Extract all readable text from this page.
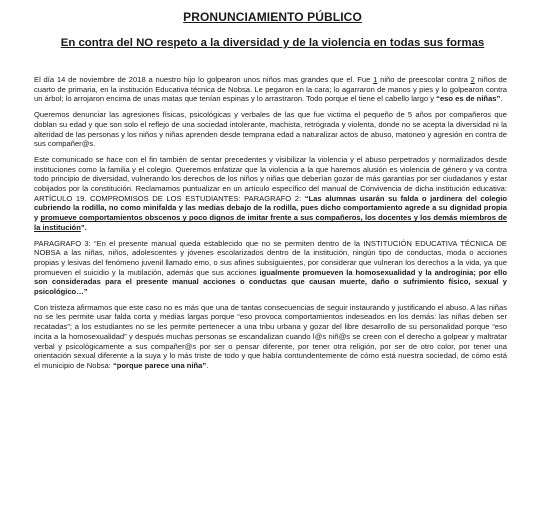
PRONUNCIAMIENTO PÚBLICO
En contra del NO respeto a la diversidad y de la violencia en todas sus formas

El día 14 de noviembre de 2018 a nuestro hijo lo golpearon unos niños mas grandes que el. Fue 1 niño de preescolar contra 2 niños de cuarto de primaria, en la institución Educativa técnica de Nobsa. Le pegaron en la cara; lo agarraron de manos y pies y lo golpearon contra un árbol; lo arrojaron encima de unas matas que tenían espinas y lo arrastraron. Todo porque el tiene el cabello largo y “eso es de niñas”.

Queremos denunciar las agresiones físicas, psicológicas y verbales de las que fue victima el pequeño de 5 años por compañeros que doblan su edad y que son solo el reflejo de una sociedad intolerante, machista, retrógrada y violenta, donde no se acepta la diversidad ni la alteridad de las personas y los niños y niñas aprenden desde temprana edad a naturalizar actos de abuso, matoneo y agresión en contra de sus compañer@s.

Este comunicado se hace con el fin también de sentar precedentes y visibilizar la violencia y el abuso perpetrados y normalizados desde instituciones como la familia y el colegio. Queremos enfatizar que la violencia a la que haremos alusión es violencia de género y va contra todo principio de diversidad, vulnerando los derechos de los niños y niñas que deberían gozar de más garantías por ser ciudadanos y estar cobijados por la constitución. Reclamamos puntualizar en un artículo específico del manual de Convivencia de dicha institución educativa: ARTÍCULO 19. COMPROMISOS DE LOS ESTUDIANTES: PARAGRAFO 2: “Las alumnas usarán su falda o jardinera del colegio cubriendo la rodilla, no como minifalda y las medias debajo de la rodilla, pues dicho comportamiento agrede a su dignidad propia y promueve comportamientos obscenos y poco dignos de imitar frente a sus compañeros, los docentes y los demás miembros de la institución”.

PARAGRAFO 3: “En el presente manual queda establecido que no se permiten dentro de la INSTITUCIÓN EDUCATIVA TÉCNICA DE NOBSA a las niñas, niños, adolescentes y jóvenes escolarizados dentro de la institución, ningún tipo de conductas, moda o acciones propias y lesivas del fenómeno juvenil llamado emo, o sus afines subsiguientes, por considerar que vulneran los derechos a la vida, ya que promueven el suicidio y la mutilación, además que sus acciones igualmente promueven la homosexualidad y la androginia; por ello son consideradas para el presente manual acciones o conductas que causan muerte, daño o sufrimiento físico, sexual y psicológico…”

Con tristeza afirmamos que este caso no es más que una de tantas consecuencias de seguir instaurando y justificando el abuso. A las niñas no se les permite usar falda corta y medias largas porque “eso provoca comportamientos indeseados en los demás: las niñas deben ser recatadas”; a los estudiantes no se les permite pertenecer a una tribu urbana y gozar del libre desarrollo de su personalidad porque “eso incita a la homosexualidad” y después muchas personas se escandalizan cuando l@s niñ@s se creen con el derecho a golpear y maltratar verbal y psicológicamente a sus compañer@s por ser o pensar diferente, por tener otra religión, por ser de otro color, por tener una orientación sexual diferente a la suya y lo más triste de todo y que había contundentemente de cómo está nuestra sociedad, de cómo está el municipio de Nobsa: “porque parece una niña”.
